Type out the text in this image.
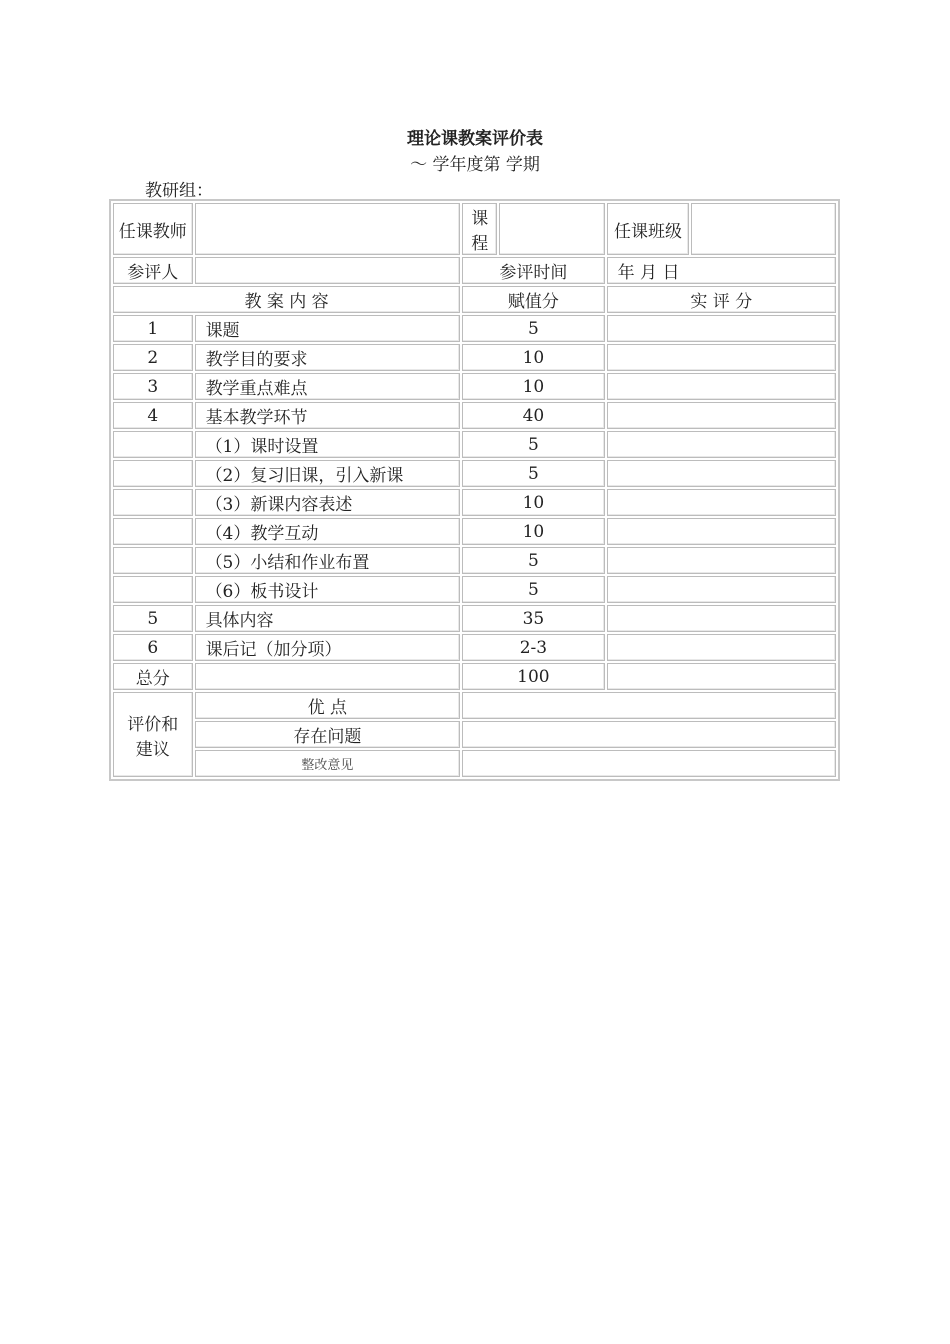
理论课教案评价表
～ 学年度第 学期
教研组：
任课教师		课程		任课班级	
参评人		参评时间		年 月 日	
教 案 内 容		赋值分		实 评 分	
1	课题	5			
2	教学目的要求	10			
3	教学重点难点	10			
4	基本教学环节	40			
	（1）课时设置	5			
	（2）复习旧课，引入新课	5			
	（3）新课内容表述	10			
	（4）教学互动	10			
	（5）小结和作业布置	5			
	（6）板书设计	5			
5	具体内容	35			
6	课后记（加分项）	2-3			
总分		100			
评价和建议	优 点				
	存在问题				
	整改意见				
